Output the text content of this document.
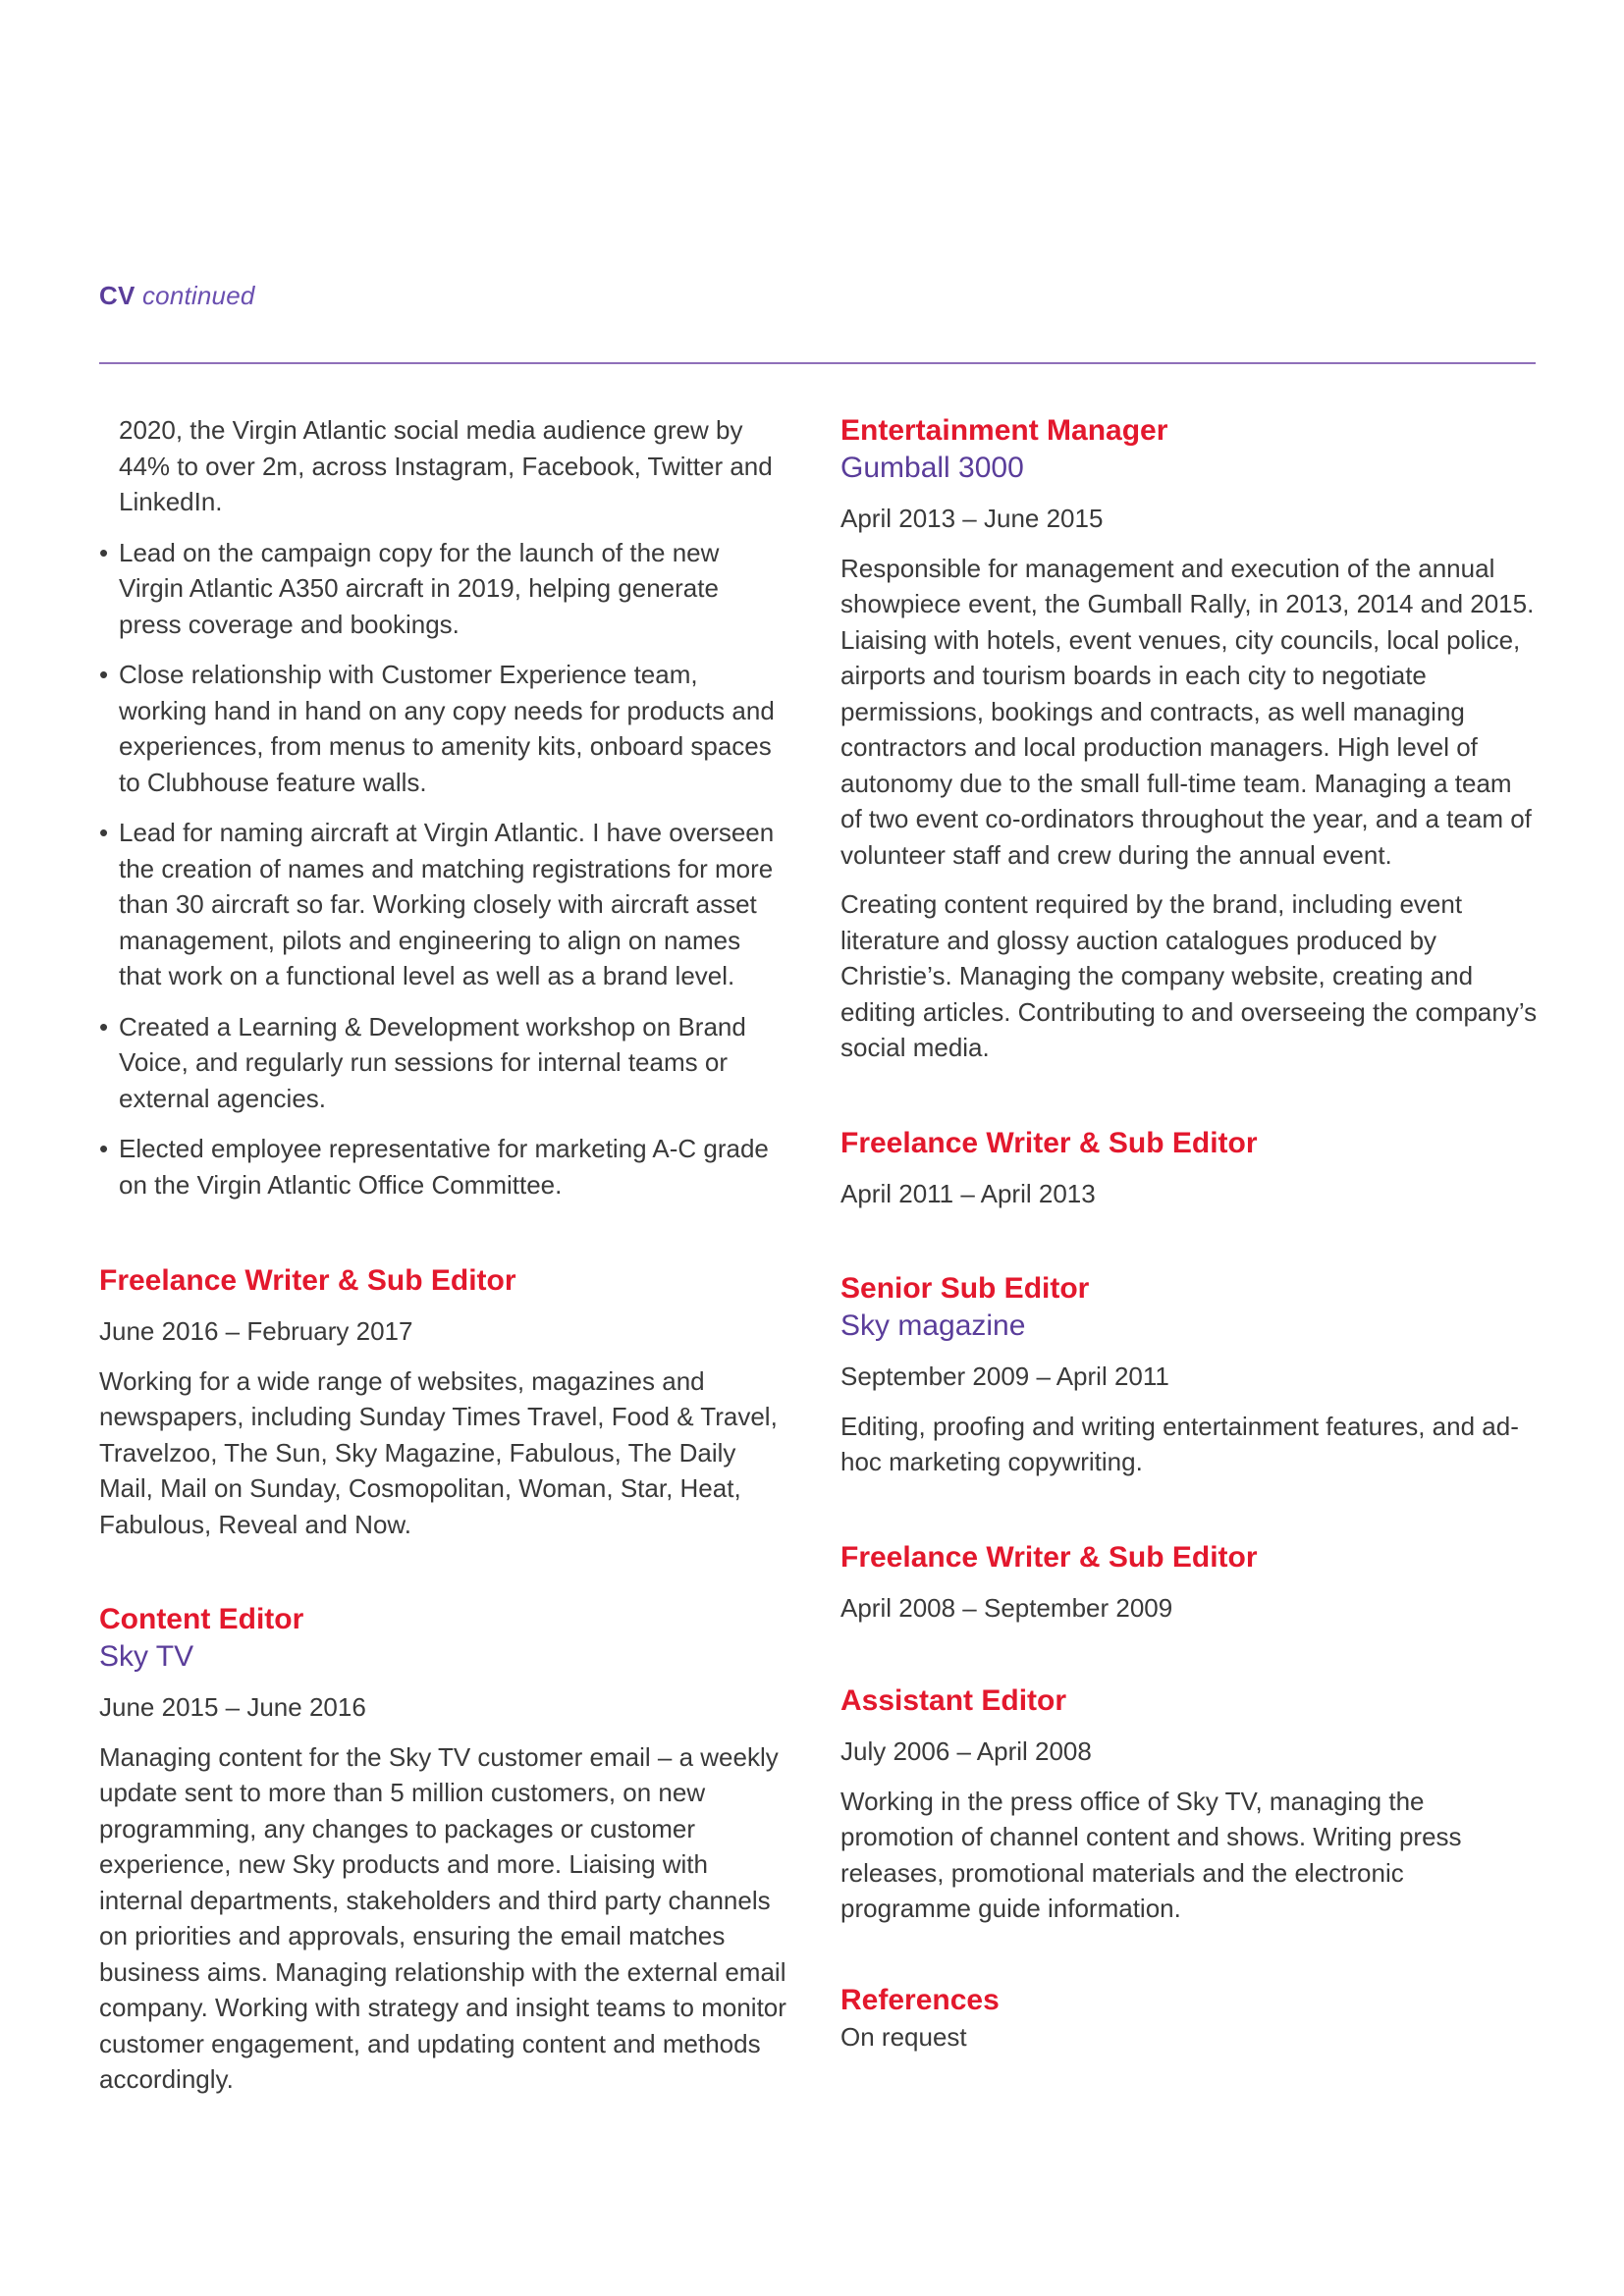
CV continued
2020, the Virgin Atlantic social media audience grew by 44% to over 2m, across Instagram, Facebook, Twitter and LinkedIn.
• Lead on the campaign copy for the launch of the new Virgin Atlantic A350 aircraft in 2019, helping generate press coverage and bookings.
• Close relationship with Customer Experience team, working hand in hand on any copy needs for products and experiences, from menus to amenity kits, onboard spaces to Clubhouse feature walls.
• Lead for naming aircraft at Virgin Atlantic. I have overseen the creation of names and matching registrations for more than 30 aircraft so far. Working closely with aircraft asset management, pilots and engineering to align on names that work on a functional level as well as a brand level.
• Created a Learning & Development workshop on Brand Voice, and regularly run sessions for internal teams or external agencies.
• Elected employee representative for marketing A-C grade on the Virgin Atlantic Office Committee.
Freelance Writer & Sub Editor
June 2016 – February 2017
Working for a wide range of websites, magazines and newspapers, including Sunday Times Travel, Food & Travel, Travelzoo, The Sun, Sky Magazine, Fabulous, The Daily Mail, Mail on Sunday, Cosmopolitan, Woman, Star, Heat, Fabulous, Reveal and Now.
Content Editor
Sky TV
June 2015 – June 2016
Managing content for the Sky TV customer email – a weekly update sent to more than 5 million customers, on new programming, any changes to packages or customer experience, new Sky products and more. Liaising with internal departments, stakeholders and third party channels on priorities and approvals, ensuring the email matches business aims. Managing relationship with the external email company. Working with strategy and insight teams to monitor customer engagement, and updating content and methods accordingly.
Entertainment Manager
Gumball 3000
April 2013 – June 2015
Responsible for management and execution of the annual showpiece event, the Gumball Rally, in 2013, 2014 and 2015. Liaising with hotels, event venues, city councils, local police, airports and tourism boards in each city to negotiate permissions, bookings and contracts, as well managing contractors and local production managers. High level of autonomy due to the small full-time team. Managing a team of two event co-ordinators throughout the year, and a team of volunteer staff and crew during the annual event.
Creating content required by the brand, including event literature and glossy auction catalogues produced by Christie’s. Managing the company website, creating and editing articles. Contributing to and overseeing the company’s social media.
Freelance Writer & Sub Editor
April 2011 – April 2013
Senior Sub Editor
Sky magazine
September 2009 – April 2011
Editing, proofing and writing entertainment features, and ad-hoc marketing copywriting.
Freelance Writer & Sub Editor
April 2008 – September 2009
Assistant Editor
July 2006 – April 2008
Working in the press office of Sky TV, managing the promotion of channel content and shows. Writing press releases, promotional materials and the electronic programme guide information.
References
On request
